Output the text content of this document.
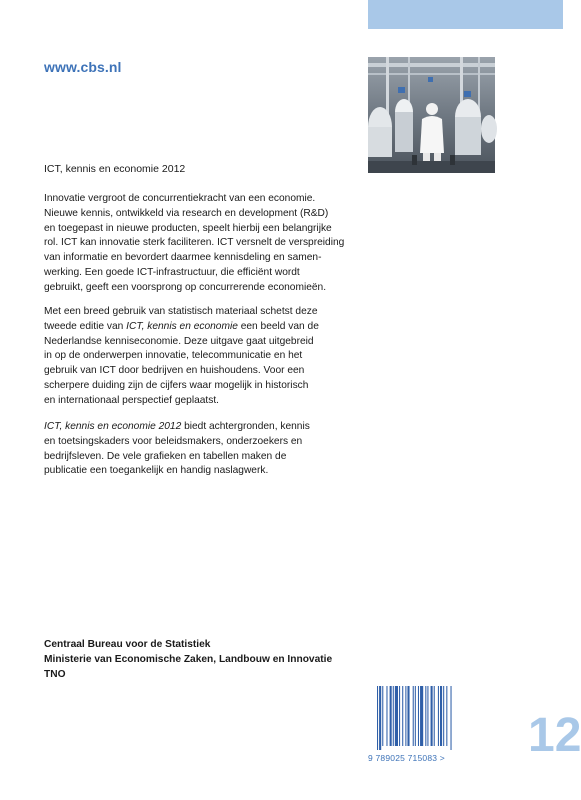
www.cbs.nl
ICT, kennis en economie 2012

Innovatie vergroot de concurrentiekracht van een economie.
Nieuwe kennis, ontwikkeld via research en development (R&D)
en toegepast in nieuwe producten, speelt hierbij een belangrijke
rol. ICT kan innovatie sterk faciliteren. ICT versnelt de verspreiding
van informatie en bevordert daarmee kennisdeling en samen-
werking. Een goede ICT-infrastructuur, die efficiënt wordt
gebruikt, geeft een voorsprong op concurrerende economieën.

Met een breed gebruik van statistisch materiaal schetst deze
tweede editie van ICT, kennis en economie een beeld van de
Nederlandse kenniseconomie. Deze uitgave gaat uitgebreid
in op de onderwerpen innovatie, telecommunicatie en het
gebruik van ICT door bedrijven en huishoudens. Voor een
scherpere duiding zijn de cijfers waar mogelijk in historisch
en internationaal perspectief geplaatst.

ICT, kennis en economie 2012 biedt achtergronden, kennis
en toetsingskaders voor beleidsmakers, onderzoekers en
bedrijfsleven. De vele grafieken en tabellen maken de
publicatie een toegankelijk en handig naslagwerk.

Centraal Bureau voor de Statistiek
Ministerie van Economische Zaken, Landbouw en Innovatie
TNO
9 789025 715083 > 12
